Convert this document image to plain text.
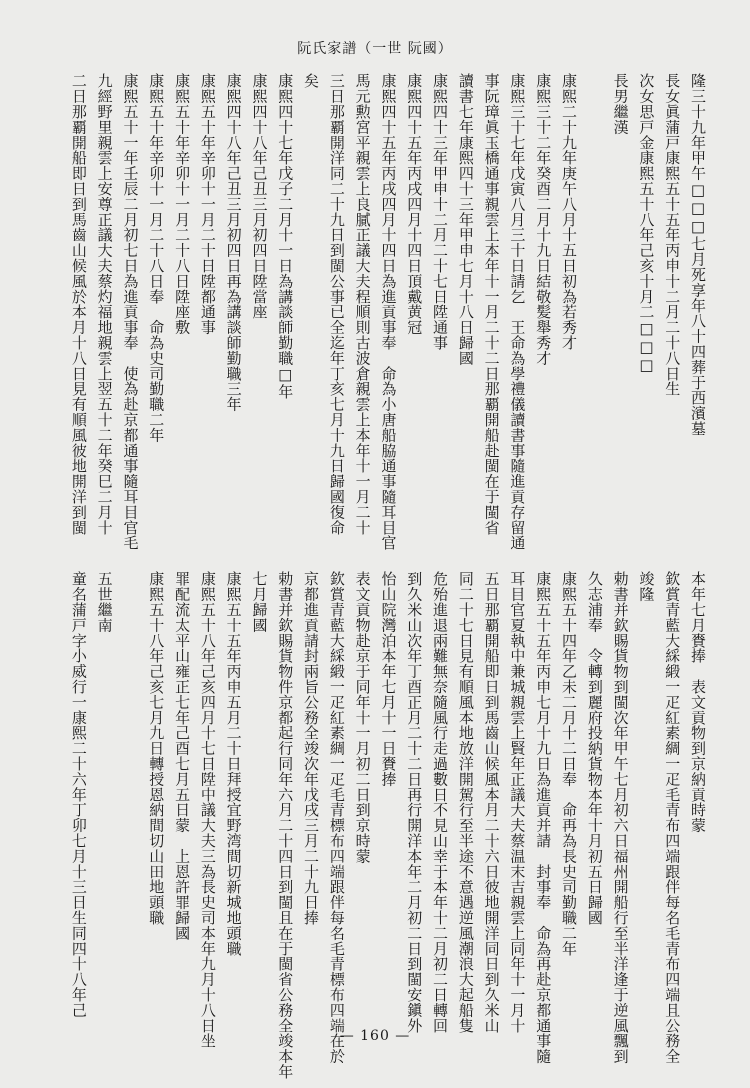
阮氏家譜（一世 阮國）
隆三十九年甲午□□□七月死享年八十四葬于西濱墓
長女眞蒲戸康熙五十五年丙申十二月二十八日生
次女思戸金康熙五十八年己亥十月二□□□
長男繼漢
康熙二十九年庚午八月十五日初為若秀才
康熙三十二年癸酉二月十九日結敬髪舉秀才
康熙三十七年戊寅八月三十日請乞　王命為學禮儀讀書事隨進貢存留通
事阮璋眞玉橋通事親雲上本年十一月二十二日那覇開船赴閩在于閩省
讀書七年康熙四十三年甲申七月十八日歸國
康熙四十三年甲申十二月二十七日陞通事
康熙四十五年丙戌四月十四日頂戴黄冠
康熙四十五年丙戌四月十四日為進貢事奉　命為小唐船脇通事隨耳目官
馬元勲宮平親雲上良膩正議大夫程順則古波倉親雲上本年十一月二十
三日那覇開洋同二十九日到閩公事已全迄年丁亥七月十九日歸國復命
矣
康熙四十七年戊子二月十一日為講談師勤職□年
康熙四十八年己丑三月初四日陞當座
康熙四十八年己丑三月初四日再為講談師勤職三年
康熙五十年辛卯十一月二十日陞都通事
康熙五十年辛卯十一月二十八日陞座敷
康熙五十年辛卯十一月二十八日奉　命為史司勤職二年
康熙五十一年壬辰二月初七日為進貢事奉　使為赴京都通事隨耳目官毛
九經野里親雲上安尊正議大夫蔡灼福地親雲上翌五十二年癸巳二月十
二日那覇開船即日到馬齒山候風於本月十八日見有順風彼地開洋到閩
本年七月賚捧　表文貢物到京納貢時蒙
欽賞青藍大綵緞一疋紅素綢一疋毛青布四端跟伴每名毛青布四端且公務全
竣隆
勅書并欽賜貨物到閩次年甲午七月初六日福州開船行至半洋逢于逆風飄到
久志浦奉　令轉到麗府投納貨物本年十月初五日歸國
康熙五十四年乙未二月十二日奉　命再為長史司勤職二年
康熙五十五年丙申七月十九日為進貢并請　封事奉　命為再赴京都通事隨
耳目官夏執中兼城親雲上賢年正議大夫蔡温末吉親雲上同年十一月十
五日那覇開船即日到馬齒山候風本月二十六日彼地開洋同日到久米山
同二十七日見有順風本地放洋開駕行至半途不意遇逆風潮浪大起船隻
危殆進退兩難無奈隨風行走過數日不見山幸于本年十二月初二日轉回
到久米山次年丁酉正月二十二日再行開洋本年二月初二日到閩安鎭外
怡山院灣泊本年七月十一日賚捧
表文貢物赴京于同年十一月初二日到京時蒙
欽賞青藍大綵緞一疋紅素綢一疋毛青標布四端跟伴每名毛青標布四端在於
京都進貢請封兩旨公務全竣次年戊戌三月二十九日捧
勅書并欽賜貨物件京都起行同年六月二十四日到閩且在于閩省公務全竣本年
七月歸國
康熙五十五年丙申五月二十日拜授宜野湾間切新城地頭職
康熙五十八年己亥四月十七日陞中議大夫三為長史司本年九月十八日坐
罪配流太平山雍正七年己酉七月五日蒙　上恩許罪歸國
康熙五十八年己亥七月九日轉授恩納間切山田地頭職
五世繼南
童名蒲戸字小威行一康熙二十六年丁卯七月十三日生同四十八年己
— 160 —
